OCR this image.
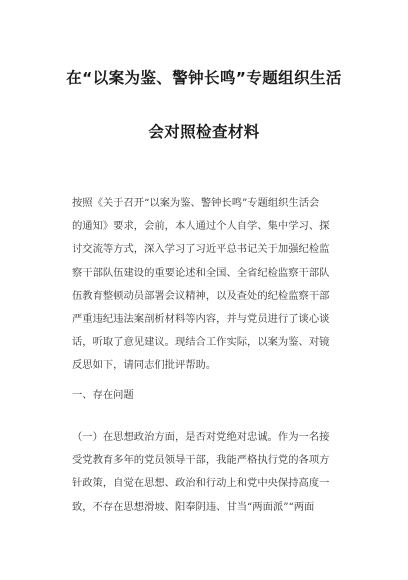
在“以案为鉴、警钟长鸣”专题组织生活
会对照检查材料
按照《关于召开“以案为鉴、警钟长鸣”专题组织生活会
的通知》要求，会前，本人通过个人自学、集中学习、探
讨交流等方式，深入学习了习近平总书记关于加强纪检监
察干部队伍建设的重要论述和全国、全省纪检监察干部队
伍教育整顿动员部署会议精神，以及查处的纪检监察干部
严重违纪违法案剖析材料等内容，并与党员进行了谈心谈
话，听取了意见建议。现结合工作实际，以案为鉴、对镜
反思如下，请同志们批评帮助。
一、存在问题
（一）在思想政治方面，是否对党绝对忠诚。作为一名接
受党教育多年的党员领导干部，我能严格执行党的各项方
针政策，自觉在思想、政治和行动上和党中央保持高度一
致，不存在思想滑坡、阳奉阴违、甘当“两面派”“两面
